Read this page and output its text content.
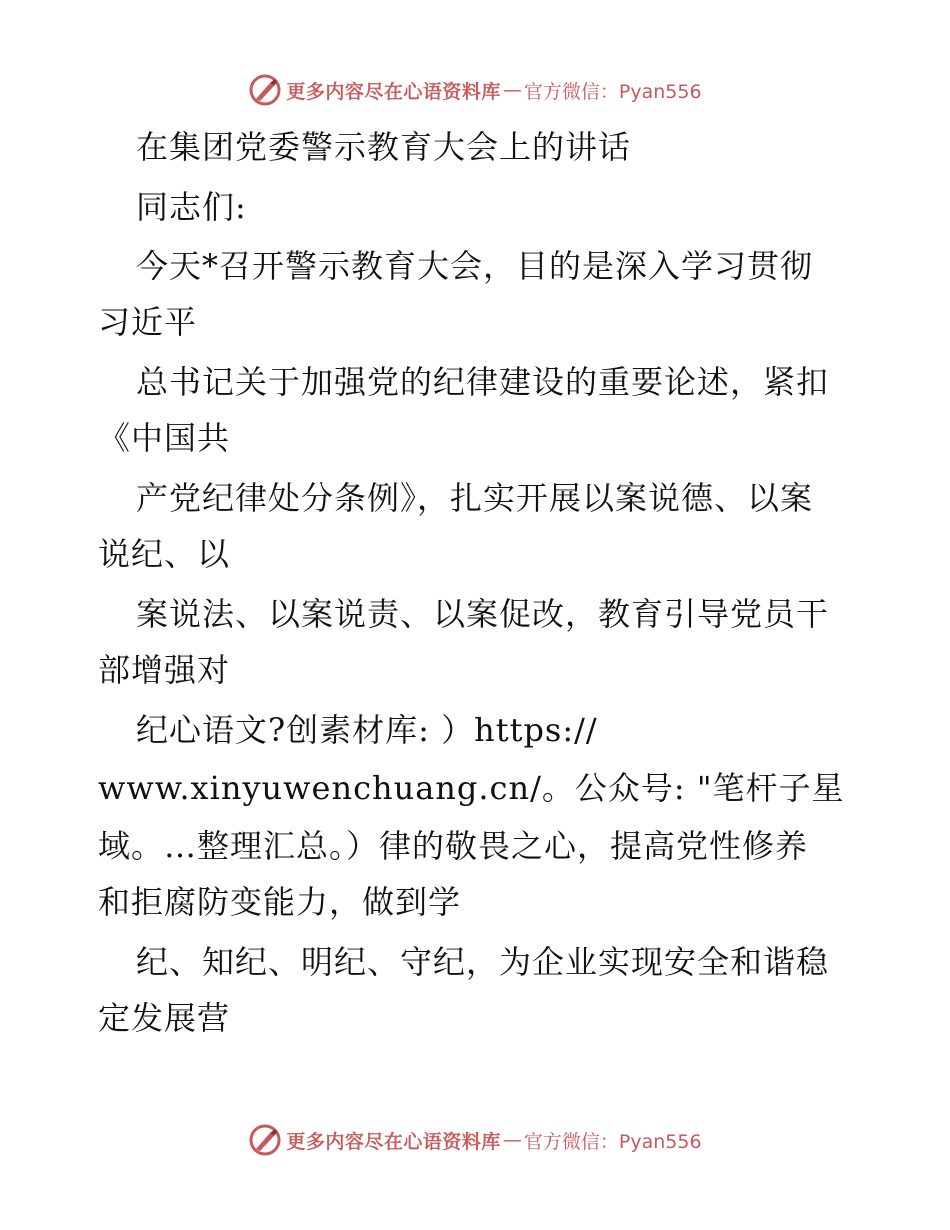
更多内容尽在心语资料库 — 官方微信：Pyan556
在集团党委警示教育大会上的讲话
同志们:
今天*召开警示教育大会，目的是深入学习贯彻
习近平
总书记关于加强党的纪律建设的重要论述，紧扣
《中国共
产党纪律处分条例》，扎实开展以案说德、以案
说纪、以
案说法、以案说责、以案促改，教育引导党员干
部增强对
纪心语文?创素材库: ）https://
www.xinyuwenchuang.cn/。公众号: "笔杆子星
域。…整理汇总。）律的敬畏之心，提高党性修养
和拒腐防变能力，做到学
纪、知纪、明纪、守纪，为企业实现安全和谐稳
定发展营
更多内容尽在心语资料库 — 官方微信：Pyan556
